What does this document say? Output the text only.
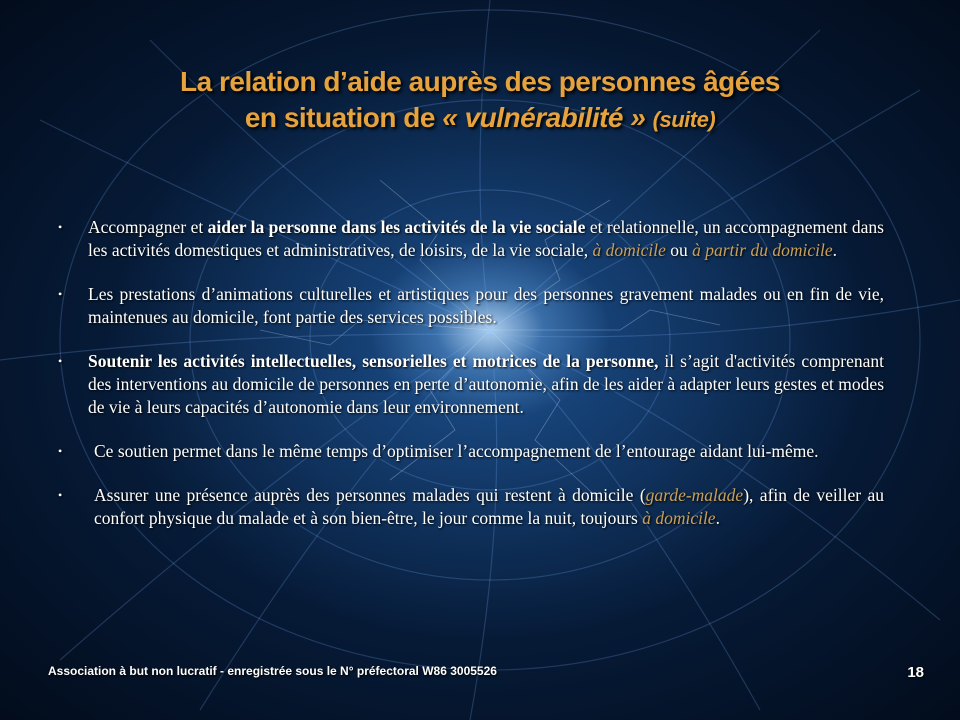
La relation d’aide auprès des personnes âgées
en situation de « vulnérabilité » (suite)
• Accompagner et aider la personne dans les activités de la vie sociale et relationnelle, un accompagnement dans les activités domestiques et administratives, de loisirs, de la vie sociale, à domicile ou à partir du domicile.
• Les prestations d’animations culturelles et artistiques pour des personnes gravement malades ou en fin de vie, maintenues au domicile, font partie des services possibles.
• Soutenir les activités intellectuelles, sensorielles et motrices de la personne, il s’agit d'activités comprenant des interventions au domicile de personnes en perte d’autonomie, afin de les aider à adapter leurs gestes et modes de vie à leurs capacités d’autonomie dans leur environnement.
• Ce soutien permet dans le même temps d’optimiser l’accompagnement de l’entourage aidant lui-même.
• Assurer une présence auprès des personnes malades qui restent à domicile (garde-malade), afin de veiller au confort physique du malade et à son bien-être, le jour comme la nuit, toujours à domicile.
Association à but non lucratif - enregistrée sous le N° préfectoral W86 3005526	18
